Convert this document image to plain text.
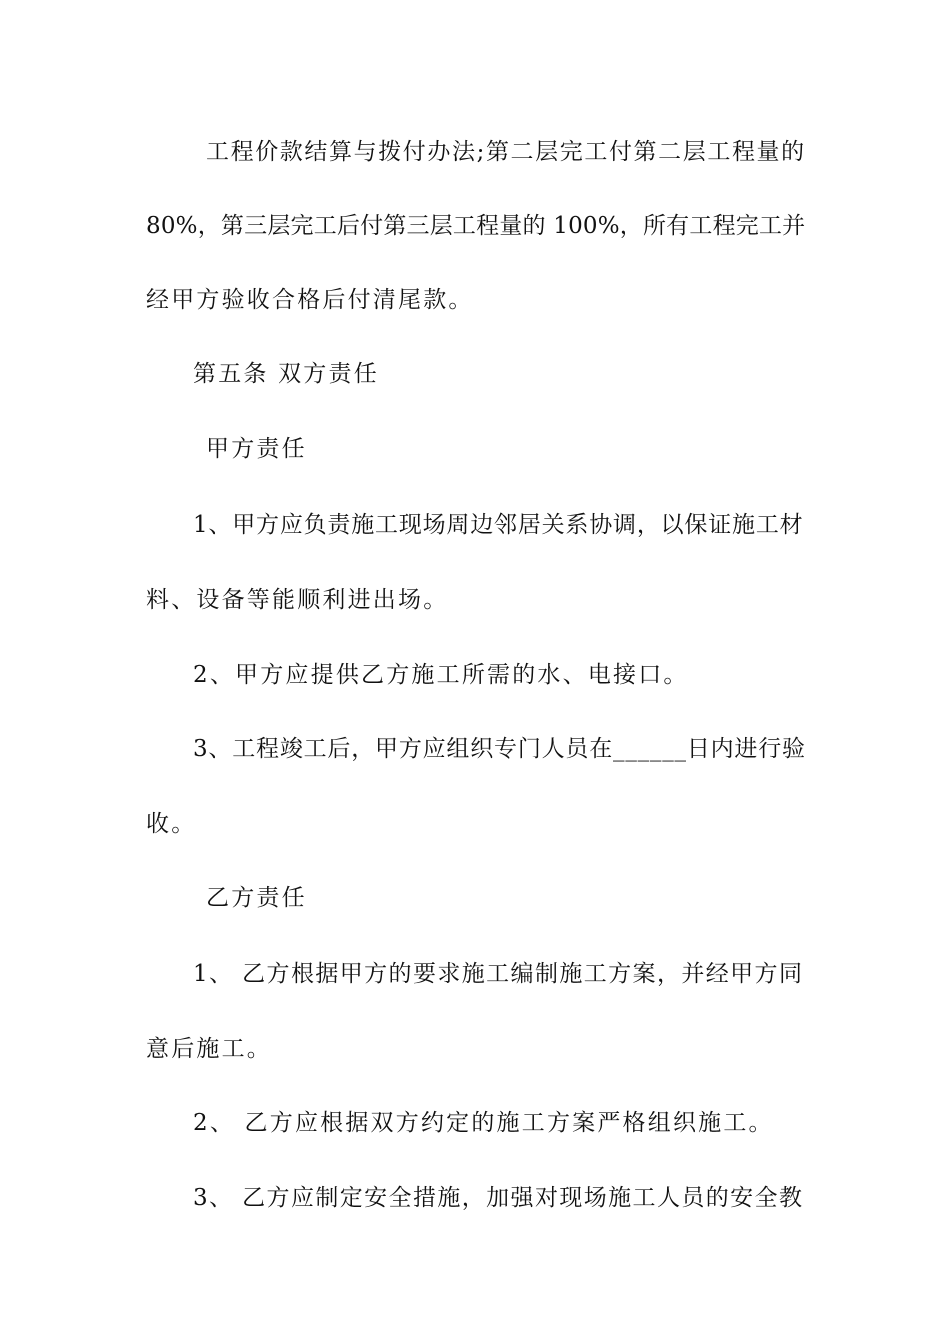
工程价款结算与拨付办法;第二层完工付第二层工程量的
80%，第三层完工后付第三层工程量的 100%，所有工程完工并
经甲方验收合格后付清尾款。
第五条 双方责任
甲方责任
1、甲方应负责施工现场周边邻居关系协调，以保证施工材
料、设备等能顺利进出场。
2、甲方应提供乙方施工所需的水、电接口。
3、工程竣工后，甲方应组织专门人员在______日内进行验
收。
乙方责任
1、 乙方根据甲方的要求施工编制施工方案，并经甲方同
意后施工。
2、 乙方应根据双方约定的施工方案严格组织施工。
3、 乙方应制定安全措施，加强对现场施工人员的安全教
